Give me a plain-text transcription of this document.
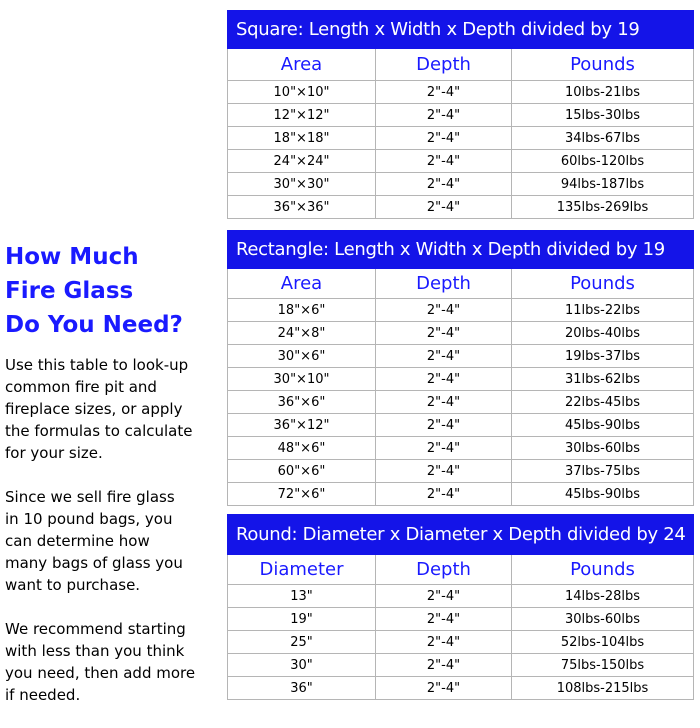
How Much

Fire Glass

Do You Need?

Use this table to look-up
common fire pit and
fireplace sizes, or apply
the formulas to calculate
for your size.

Since we sell fire glass
in 10 pound bags, you
can determine how
many bags of glass you
want to purchase.

We recommend starting
with less than you think
you need, then add more
if needed.

Square: Length x Width x Depth divided by 19		
Area	Depth	Pounds
10"×10"	2"-4"	10lbs-21lbs
12"×12"	2"-4"	15lbs-30lbs
18"×18"	2"-4"	34lbs-67lbs
24"×24"	2"-4"	60lbs-120lbs
30"×30"	2"-4"	94lbs-187lbs
36"×36"	2"-4"	135lbs-269lbs
Rectangle: Length x Width x Depth divided by 19		
Area	Depth	Pounds
18"×6"	2"-4"	11lbs-22lbs
24"×8"	2"-4"	20lbs-40lbs
30"×6"	2"-4"	19lbs-37lbs
30"×10"	2"-4"	31lbs-62lbs
36"×6"	2"-4"	22lbs-45lbs
36"×12"	2"-4"	45lbs-90lbs
48"×6"	2"-4"	30lbs-60lbs
60"×6"	2"-4"	37lbs-75lbs
72"×6"	2"-4"	45lbs-90lbs
Round: Diameter x Diameter x Depth divided by 24		
Diameter	Depth	Pounds
13"	2"-4"	14lbs-28lbs
19"	2"-4"	30lbs-60lbs
25"	2"-4"	52lbs-104lbs
30"	2"-4"	75lbs-150lbs
36"	2"-4"	108lbs-215lbs
